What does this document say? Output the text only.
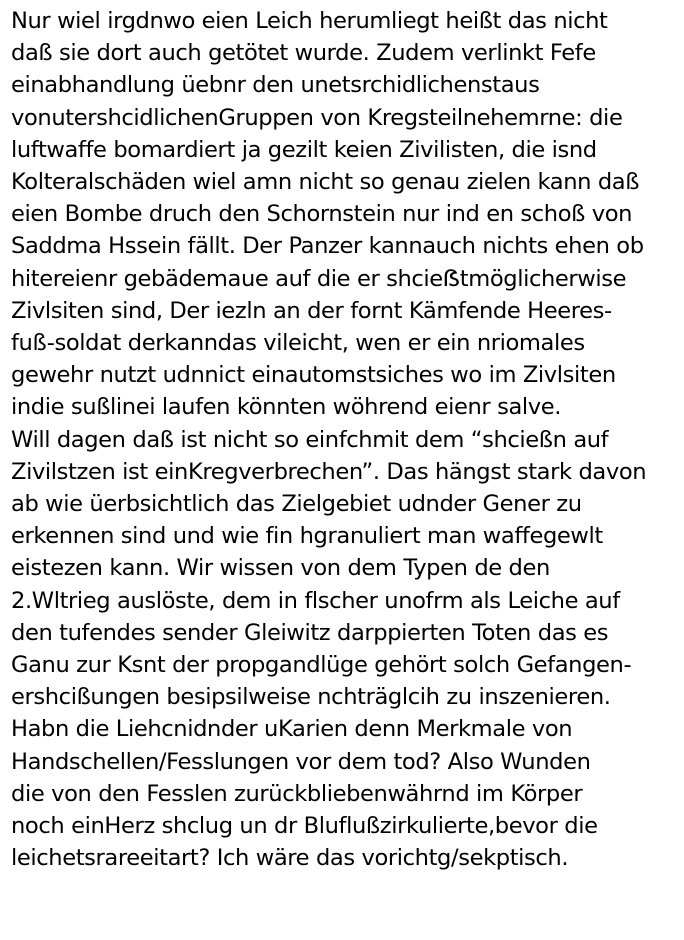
Nur wiel irgdnwo eien Leich herumliegt heißt das nicht
daß sie dort auch getötet wurde. Zudem verlinkt Fefe
einabhandlung üebnr den unetsrchidlichenstaus
vonutershcidlichenGruppen von Kregsteilnehemrne: die
luftwaffe bomardiert ja gezilt keien Zivilisten, die isnd
Kolteralschäden wiel amn nicht so genau zielen kann daß
eien Bombe druch den Schornstein nur ind en schoß von
Saddma Hssein fällt. Der Panzer kannauch nichts ehen ob
hitereienr gebädemaue auf die er shcieẞtmöglicherwise
Zivlsiten sind, Der iezln an der fornt Kämfende Heeres-
fuß-soldat derkanndas vileicht, wen er ein nriomales
gewehr nutzt udnnict einautomstsiches wo im Zivlsiten
indie sußlinei laufen könnten wöhrend eienr salve.
Will dagen daß ist nicht so einfchmit dem “shcießn auf
Zivilstzen ist einKregverbrechen”. Das hängst stark davon
ab wie üerbsichtlich das Zielgebiet udnder Gener zu
erkennen sind und wie fin hgranuliert man waffegewlt
eistezen kann. Wir wissen von dem Typen de den
2.Wltrieg auslöste, dem in flscher unofrm als Leiche auf
den tufendes sender Gleiwitz darppierten Toten das es
Ganu zur Ksnt der propgandlüge gehört solch Gefangen-
ershcißungen besipsilweise nchträglcih zu inszenieren.
Habn die Liehcnidnder uKarien denn Merkmale von
Handschellen/Fesslungen vor dem tod? Also Wunden
die von den Fesslen zurückbliebenwährnd im Körper
noch einHerz shclug un dr Bluflußzirkulierte,bevor die
leichetsrareeitart? Ich wäre das vorichtg/sekptisch.
